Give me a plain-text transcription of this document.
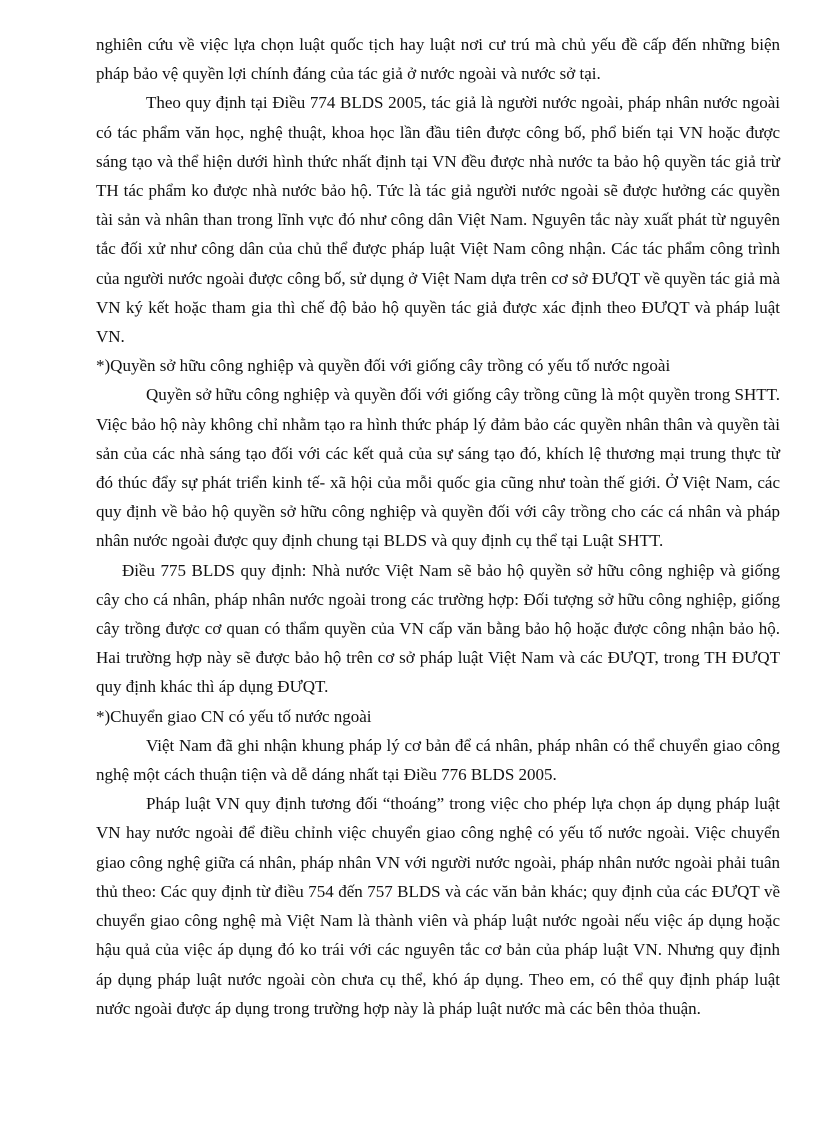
nghiên cứu về việc lựa chọn luật quốc tịch hay luật nơi cư trú mà chủ yếu đề cấp đến những biện pháp bảo vệ quyền lợi chính đáng của tác giả ở nước ngoài và nước sở tại.

Theo quy định tại Điều 774 BLDS 2005, tác giả là người nước ngoài, pháp nhân nước ngoài có tác phẩm văn học, nghệ thuật, khoa học lần đầu tiên được công bố, phổ biến tại VN hoặc được sáng tạo và thể hiện dưới hình thức nhất định tại VN đều được nhà nước ta bảo hộ quyền tác giả trừ TH tác phẩm ko được nhà nước bảo hộ. Tức là tác giả người nước ngoài sẽ được hưởng các quyền tài sản và nhân than trong lĩnh vực đó như công dân Việt Nam. Nguyên tắc này xuất phát từ nguyên tắc đối xử như công dân của chủ thể được pháp luật Việt Nam công nhận. Các tác phẩm công trình của người nước ngoài được công bố, sử dụng ở Việt Nam dựa trên cơ sở ĐƯQT về quyền tác giả mà VN ký kết hoặc tham gia thì chế độ bảo hộ quyền tác giả được xác định theo ĐƯQT và pháp luật VN.

*)Quyền sở hữu công nghiệp và quyền đối với giống cây trồng có yếu tố nước ngoài

Quyền sở hữu công nghiệp và quyền đối với giống cây trồng cũng là một quyền trong SHTT. Việc bảo hộ này không chỉ nhằm tạo ra hình thức pháp lý đảm bảo các quyền nhân thân và quyền tài sản của các nhà sáng tạo đối với các kết quả của sự sáng tạo đó, khích lệ thương mại trung thực từ đó thúc đẩy sự phát triển kinh tế- xã hội của mỗi quốc gia cũng như toàn thế giới. Ở Việt Nam, các quy định về bảo hộ quyền sở hữu công nghiệp và quyền đối với cây trồng cho các cá nhân và pháp nhân nước ngoài được quy định chung tại BLDS và quy định cụ thể tại Luật SHTT.

Điều 775 BLDS quy định: Nhà nước Việt Nam sẽ bảo hộ quyền sở hữu công nghiệp và giống cây cho cá nhân, pháp nhân nước ngoài trong các trường hợp: Đối tượng sở hữu công nghiệp, giống cây trồng được cơ quan có thẩm quyền của VN cấp văn bằng bảo hộ hoặc được công nhận bảo hộ. Hai trường hợp này sẽ được bảo hộ trên cơ sở pháp luật Việt Nam và các ĐƯQT, trong TH ĐƯQT quy định khác thì áp dụng ĐƯQT.

*)Chuyển giao CN có yếu tố nước ngoài

Việt Nam đã ghi nhận khung pháp lý cơ bản để cá nhân, pháp nhân có thể chuyển giao công nghệ một cách thuận tiện và dễ dáng nhất tại Điều 776 BLDS 2005.

Pháp luật VN quy định tương đối “thoáng” trong việc cho phép lựa chọn áp dụng pháp luật VN hay nước ngoài để điều chỉnh việc chuyển giao công nghệ có yếu tố nước ngoài. Việc chuyển giao công nghệ giữa cá nhân, pháp nhân VN với người nước ngoài, pháp nhân nước ngoài phải tuân thủ theo: Các quy định từ điều 754 đến 757 BLDS và các văn bản khác; quy định của các ĐƯQT về chuyển giao công nghệ mà Việt Nam là thành viên và pháp luật nước ngoài nếu việc áp dụng hoặc hậu quả của việc áp dụng đó ko trái với các nguyên tắc cơ bản của pháp luật VN. Nhưng quy định áp dụng pháp luật nước ngoài còn chưa cụ thể, khó áp dụng. Theo em, có thể quy định pháp luật nước ngoài được áp dụng trong trường hợp này là pháp luật nước mà các bên thỏa thuận.
